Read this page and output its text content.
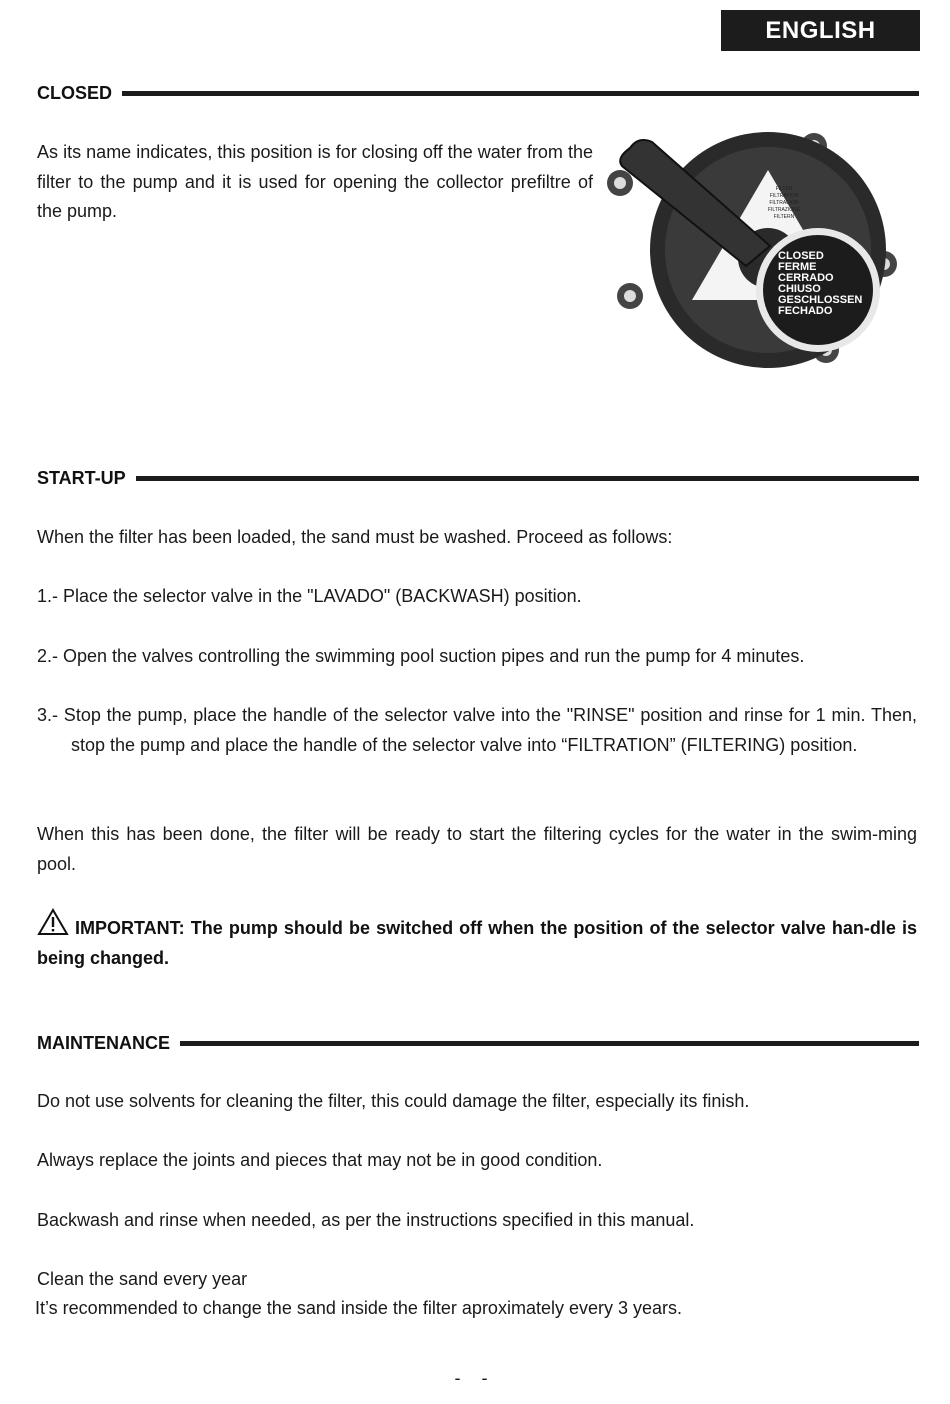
ENGLISH
CLOSED

As its name indicates, this position is for closing off the water from the filter to the pump and it is used for opening the collector prefiltre of the pump.

FILTER
FILTRATION
FILTRACIÓN
FILTRAZIONE
FILTERN
CLOSED
FERME
CERRADO
CHIUSO
GESCHLOSSEN
FECHADO
START-UP

When the filter has been loaded, the sand must be washed. Proceed as follows:

1.- Place the selector valve in the "LAVADO" (BACKWASH) position.

2.- Open the valves controlling the swimming pool suction pipes and run the pump for 4 minutes.

3.- Stop the pump, place the handle of the selector valve into the "RINSE" position and rinse for 1 min. Then, stop the pump and place the handle of the selector valve into “FILTRATION” (FILTERING) position.

When this has been done, the filter will be ready to start the filtering cycles for the water in the swim-ming pool.

IMPORTANT: The pump should be switched off when the position of the selector valve han-dle is being changed.

MAINTENANCE

Do not use solvents for cleaning the filter, this could damage the filter, especially its finish.

Always replace the joints and pieces that may not be in good condition.

Backwash and rinse when needed, as per the instructions specified in this manual.

Clean the sand every year

It’s recommended to change the sand inside the filter aproximately every 3 years.

- -
